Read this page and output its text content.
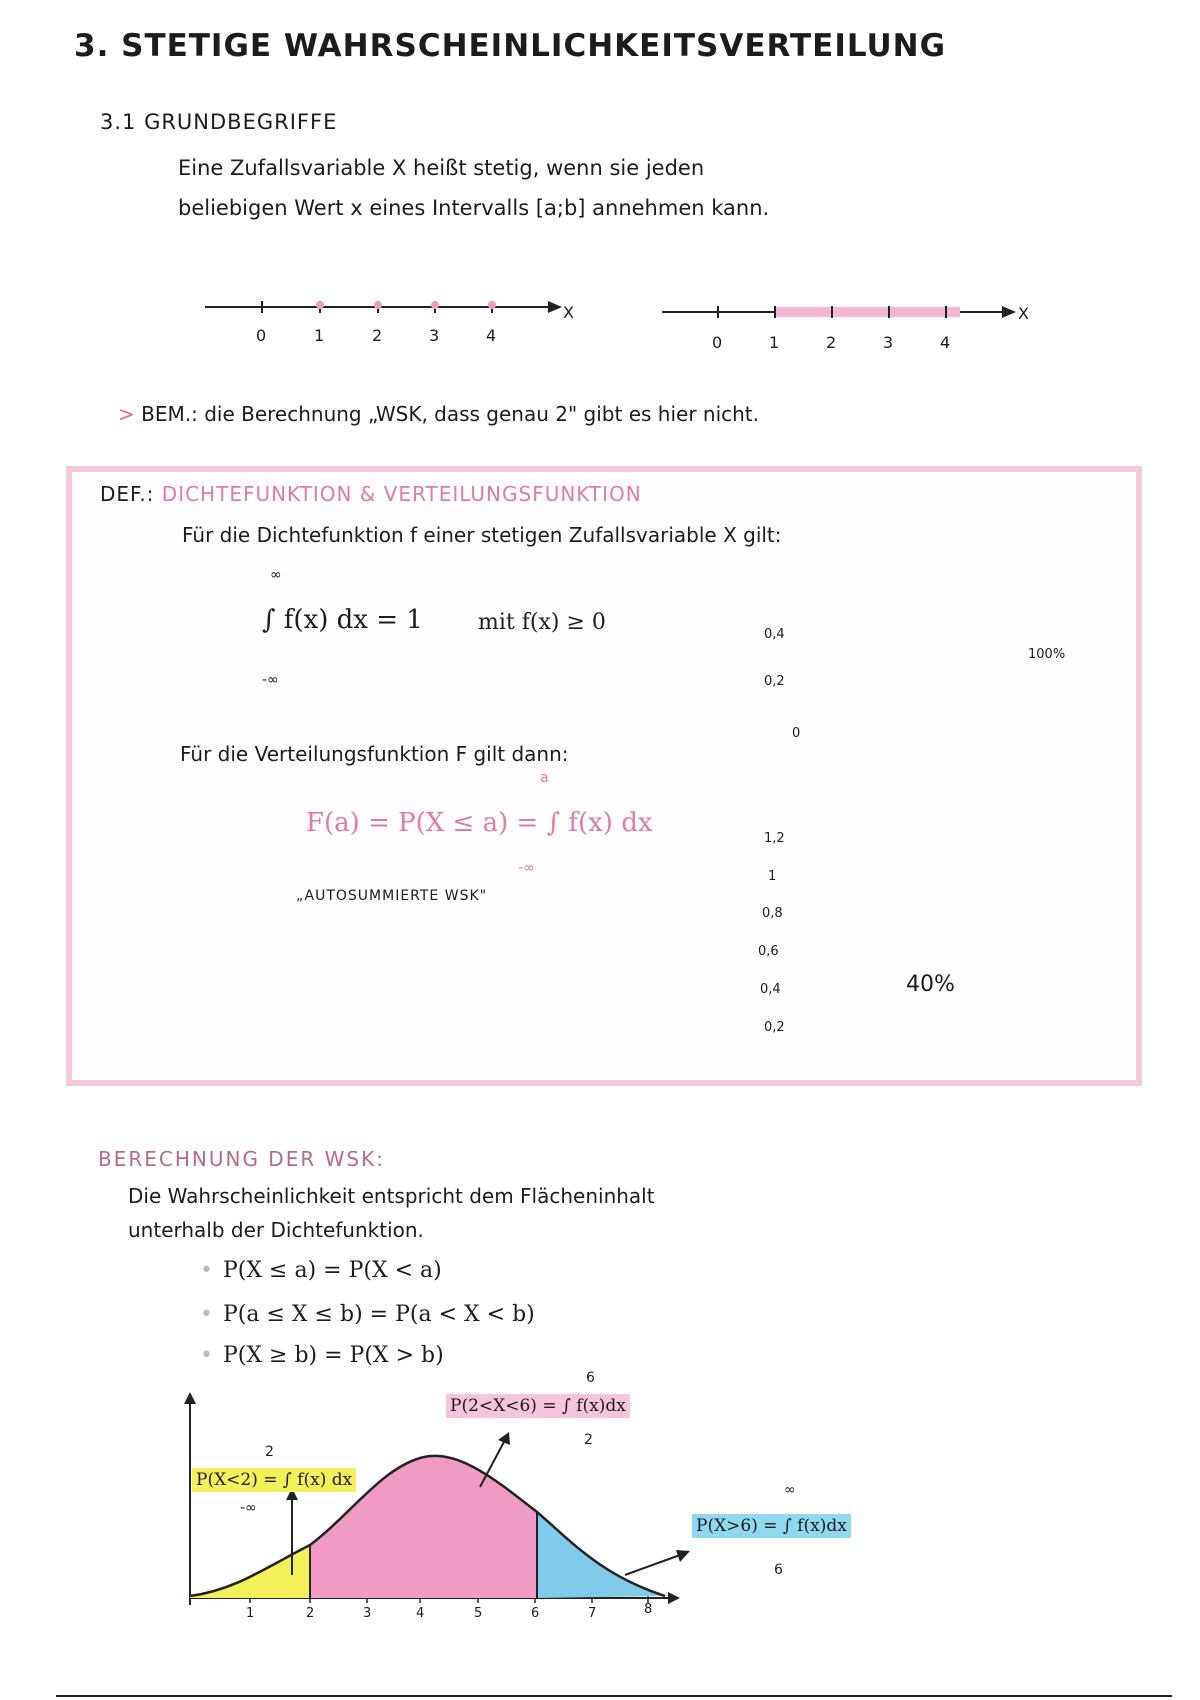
3. STETIGE WAHRSCHEINLICHKEITSVERTEILUNG
3.1 GRUNDBEGRIFFE
Eine Zufallsvariable X heißt stetig, wenn sie jeden
beliebigen Wert x eines Intervalls [a;b] annehmen kann.
X
0	1	2	3	4
X
0	1	2	3	4
> BEM.: die Berechnung „WSK, dass genau 2" gibt es hier nicht.
DEF.: DICHTEFUNKTION & VERTEILUNGSFUNKTION
Für die Dichtefunktion f einer stetigen Zufallsvariable X gilt:
∞
∫ f(x) dx = 1
-∞
mit f(x) ≥ 0
Für die Verteilungsfunktion F gilt dann:
a
F(a) = P(X ≤ a) = ∫ f(x) dx
-∞
„AUTOSUMMIERTE WSK"
0,4
0,2
0
100%
1,2
1
0,8
0,6
0,4
0,2
40%
BERECHNUNG DER WSK:
Die Wahrscheinlichkeit entspricht dem Flächeninhalt
unterhalb der Dichtefunktion.
• P(X ≤ a) = P(X < a)
• P(a ≤ X ≤ b) = P(a < X < b)
• P(X ≥ b) = P(X > b)
1	2	3	4	5	6	7	8
2
P(X<2) = ∫ f(x) dx
-∞
6
P(2<X<6) = ∫ f(x)dx
2
∞
P(X>6) = ∫ f(x)dx
6
